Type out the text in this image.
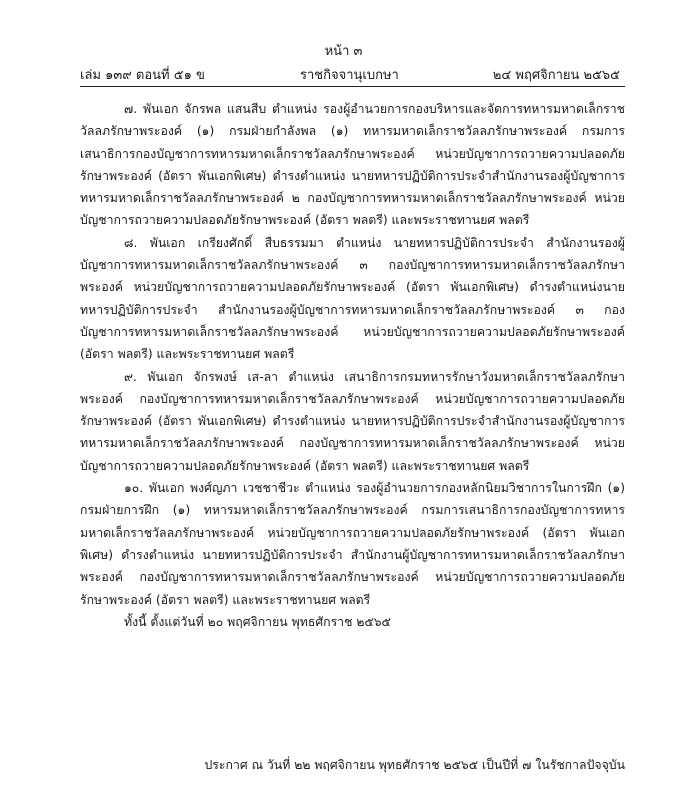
หน้า ๓
เล่ม ๑๓๙ ตอนที่ ๕๑ ข	ราชกิจจานุเบกษา	๒๔ พฤศจิกายน ๒๕๖๕

๗. พันเอก จักรพล แสนสีบ ตำแหน่ง รองผู้อำนวยการกองบริหารและจัดการทหารมหาดเล็กราชวัลลภรักษาพระองค์ (๑) กรมฝ่ายกำลังพล (๑) ทหารมหาดเล็กราชวัลลภรักษาพระองค์ กรมการเสนาธิการกองบัญชาการทหารมหาดเล็กราชวัลลภรักษาพระองค์ หน่วยบัญชาการถวายความปลอดภัยรักษาพระองค์ (อัตรา พันเอกพิเศษ) ดำรงตำแหน่ง นายทหารปฏิบัติการประจำสำนักงานรองผู้บัญชาการทหารมหาดเล็กราชวัลลภรักษาพระองค์ ๒ กองบัญชาการทหารมหาดเล็กราชวัลลภรักษาพระองค์ หน่วยบัญชาการถวายความปลอดภัยรักษาพระองค์ (อัตรา พลตรี) และพระราชทานยศ พลตรี

๘. พันเอก เกรียงศักดิ์ สืบธรรมมา ตำแหน่ง นายทหารปฏิบัติการประจำ สำนักงานรองผู้บัญชาการทหารมหาดเล็กราชวัลลภรักษาพระองค์ ๓ กองบัญชาการทหารมหาดเล็กราชวัลลภรักษาพระองค์ หน่วยบัญชาการถวายความปลอดภัยรักษาพระองค์ (อัตรา พันเอกพิเศษ) ดำรงตำแหน่งนายทหารปฏิบัติการประจำ สำนักงานรองผู้บัญชาการทหารมหาดเล็กราชวัลลภรักษาพระองค์ ๓ กองบัญชาการทหารมหาดเล็กราชวัลลภรักษาพระองค์ หน่วยบัญชาการถวายความปลอดภัยรักษาพระองค์ (อัตรา พลตรี) และพระราชทานยศ พลตรี

๙. พันเอก จักรพงษ์ เส-ลา ตำแหน่ง เสนาธิการกรมทหารรักษาวังมหาดเล็กราชวัลลภรักษาพระองค์ กองบัญชาการทหารมหาดเล็กราชวัลลภรักษาพระองค์ หน่วยบัญชาการถวายความปลอดภัยรักษาพระองค์ (อัตรา พันเอกพิเศษ) ดำรงตำแหน่ง นายทหารปฏิบัติการประจำสำนักงานรองผู้บัญชาการทหารมหาดเล็กราชวัลลภรักษาพระองค์ กองบัญชาการทหารมหาดเล็กราชวัลลภรักษาพระองค์ หน่วยบัญชาการถวายความปลอดภัยรักษาพระองค์ (อัตรา พลตรี) และพระราชทานยศ พลตรี

๑๐. พันเอก พงศ์ญภา เวชชาชีวะ ตำแหน่ง รองผู้อำนวยการกองหลักนิยมวิชาการในการฝึก (๑) กรมฝ่ายการฝึก (๑) ทหารมหาดเล็กราชวัลลภรักษาพระองค์ กรมการเสนาธิการกองบัญชาการทหารมหาดเล็กราชวัลลภรักษาพระองค์ หน่วยบัญชาการถวายความปลอดภัยรักษาพระองค์ (อัตรา พันเอกพิเศษ) ดำรงตำแหน่ง นายทหารปฏิบัติการประจำ สำนักงานผู้บัญชาการทหารมหาดเล็กราชวัลลภรักษาพระองค์ กองบัญชาการทหารมหาดเล็กราชวัลลภรักษาพระองค์ หน่วยบัญชาการถวายความปลอดภัยรักษาพระองค์ (อัตรา พลตรี) และพระราชทานยศ พลตรี

ทั้งนี้ ตั้งแต่วันที่ ๒๐ พฤศจิกายน พุทธศักราช ๒๕๖๕

ประกาศ ณ วันที่ ๒๒ พฤศจิกายน พุทธศักราช ๒๕๖๕ เป็นปีที่ ๗ ในรัชกาลปัจจุบัน
